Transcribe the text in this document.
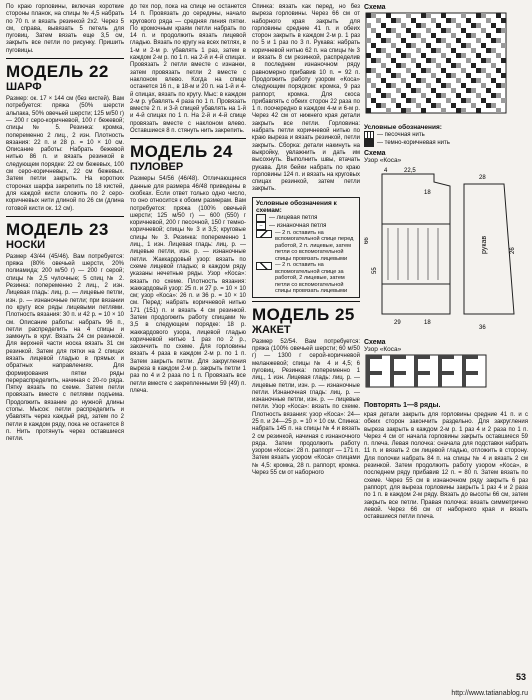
По краю горловины, включая короткие стороны планок, на спицы № 4,5 набрать по 70 п. и вязать резинкой 2х2. Через 5 см, справа, вывязать 5 петель для пуговиц. Затем вязать еще 3,5 см, закрыть все петли по рисунку. Пришить пуговицы.

МОДЕЛЬ 22
ШАРФ

Размер: ок. 17 × 144 см (без кистей). Вам потребуется: пряжа (50% шерсти альпака, 50% овечьей шерсти; 125 м/50 г) — 200 г серо-коричневой, 100 г бежевой; спицы № 5. Резинка: кромка, попеременно 2 лиц., 2 изн. Плотность вязания: 22 п. и 28 р. = 10 × 10 см. Описание работы: Набрать бежевой нитью 86 п. и вязать резинкой в следующем порядке: 22 см бежевых, 100 см серо-коричневых, 22 см бежевых. Затем петли закрыть. На коротких сторонах шарфа закрепить по 18 кистей, для каждой кисти сложить по 2 серо-коричневых нити длиной по 26 см (длина готовой кисти ок. 12 см).

МОДЕЛЬ 23
НОСКИ

Размер 43/44 (45/46). Вам потребуется: пряжа (80% овечьей шерсти, 20% полиамида; 200 м/50 г) — 200 г серой; спицы № 2,5 чулочные; 5 спиц № 2. Резинка: попеременно 2 лиц., 2 изн. Лицевая гладь: лиц. р. — лицевые петли, изн. р. — изнаночные петли; при вязании по кругу все ряды лицевыми петлями. Плотность вязания: 30 п. и 42 р. = 10 × 10 см. Описание работы: набрать 96 п., петли распределить на 4 спицы и замкнуть в круг. Вязать 24 см резинкой. Для верхней части носка вязать 31 см резинкой. Затем для пятки на 2 спицах вязать лицевой гладью в прямых и обратных направлениях. Для формирования пятки ряды перераспределить, начиная с 20-го ряда. Пятку вязать по схеме. Затем петли провязать вместе с петлями подъема. Продолжить вязание до нужной длины стопы. Мысок: петли распределить и убавлять через каждый ряд, затем по 2 петли в каждом ряду, пока не останется 8 п. Нить протянуть через оставшиеся петли.

до тех пор, пока на спице не останется 14 п. Провязать до середины, начало кругового ряда — средняя линия пятки. По кромочным краям петли набрать по 14 п. и продолжить вязать лицевой гладью. Вязать по кругу на всех петлях, в 1-м и 2-м р. убавлять 1 раз, затем в каждом 2-м р. по 1 п. на 2-й и 4-й спицах. Провязать 2 петли вместе с изнанки, затем провязать петли 2 вместе с наклоном влево. Когда на спице останется 16 п., в 18-м и 20 п. на 1-й и 4-й спицах, вязать по кругу. Мыс: в каждом 2-м р. убавлять 4 раза по 1 п. Провязать вместе 2 п. и 3-й спицей убавлять на 1-й и 4-й спицах по 1 п. На 2-й и 4-й спице провязать вместе с наклоном влево. Оставшиеся 8 п. стянуть нить закрепить.

МОДЕЛЬ 24
ПУЛОВЕР

Размеры 54/56 (46/48). Отличающиеся данные для размера 46/48 приведены в скобках. Если ответ только одно число, то оно относится к обоим размерам. Вам потребуется: пряжа (100% овечьей шерсти; 125 м/50 г) — 600 (550) г коричневой, 200 г песочной, 150 г темно-коричневой; спицы № 3 и 3,5; круговые спицы № 3. Резинка: попеременно 1 лиц., 1 изн. Лицевая гладь: лиц. р. — лицевые петли, изн. р. — изнаночные петли. Жаккардовый узор: вязать по схеме лицевой гладью; в каждом ряду указаны нечетные ряды. Узор «Коса»: вязать по схеме. Плотность вязания: жаккардовый узор: 25 п. и 27 р. = 10 × 10 см; узор «Коса»: 26 п. и 36 р. = 10 × 10 см. Перед: набрать коричневой нитью 171 (151) п. и вязать 4 см резинкой. Затем продолжить работу спицами № 3,5 в следующем порядке: 18 р. жаккардового узора, лицевой гладью коричневой нитью 1 раз по 2 р., закончить по схеме. Для горловины вязать 4 раза в каждом 2-м р. по 1 п. Затем закрыть петли. Для закругления выреза в каждом 2-м р. закрыть петли 1 раз по 4 и 2 раза по 1 п. Провязать все петли вместе с закрепленными 59 (49) п. плеча.

Спинка: вязать как перед, но без выреза горловины. Через 66 см от наборного края закрыть для горловины средние 41 п. и обеих сторон закрыть в каждом 2-м р. 1 раз по 5 и 1 раз по 3 п. Рукава: набрать коричневой нитью 62 п. на спицы № 3 и вязать 8 см резинкой, распределив в последнем изнаночном ряду равномерно прибавив 10 п. = 92 п. Продолжить работу узором «Коса» следующим порядком: кромка, 9 раз раппорт, кромка. Для скоса прибавлять с обеих сторон 22 раза по 1 п. поочередно в каждом 4-м и 6-м р. Через 42 см от нижнего края детали закрыть все петли. Горловина: набрать петли коричневой нитью по краю выреза и вязать резинкой, петли закрыть. Сборка: детали накинуть на выкройку, увлажнить и дать им высохнуть. Выполнить швы, втачать рукава. Для бейки набрать по краю горловины 124 п. и вязать на круговых спицах резинкой, затем петли закрыть.

Условные обозначения к схемам:
— лицевая петля
–	— изнаночная петля
— 2 п. оставить на вспомогательной спице перед работой, 2 п. лицевые, затем петли со вспомогательной спицы провязать лицевыми
— 2 п. оставить на вспомогательной спице за работой, 2 лицевые, затем петли со вспомогательной спицы провязать лицевыми
МОДЕЛЬ 25
ЖАКЕТ

Размер 52/54. Вам потребуется: пряжа (100% овечьей шерсти; 60 м/50 г) — 1300 г серой-коричневой меланжевой; спицы № 4 и 4,5; 6 пуговиц. Резинка: попеременно 1 лиц., 1 изн. Лицевая гладь: лиц. р. — лицевые петли, изн. р. — изнаночные петли. Изнаночная гладь: лиц. р. — изнаночные петли, изн. р. — лицевые петли. Узор «Коса»: вязать по схеме. Плотность вязания: узор «Коса»: 24—25 п. и 24—25 р. = 10 × 10 см. Спинка: набрать 145 п. на спицы № 4 и вязать 2 см резинкой, начиная с изнаночного ряда. Затем продолжить работу узором «Коса»: 28 п. раппорт — 171 п. Затем вязать узором «Коса» спицами № 4,5: кромка, 28 п. раппорт, кромка. Через 55 см от наборного

Схема
Условные обозначения:
— песочная нить
— темно-коричневая нить
Схема
Узор «Коса»
рукав
66
55
29	18
4	22,5
18
28
36
26
Схема
Узор «Коса»
Повторять 1—8 ряды.

края детали закрыть для горловины средние 41 п. и с обеих сторон закончить раздельно. Для закругления выреза закрыть в каждом 2-м р. 1 раз 4 и 2 раза по 1 п. Через 4 см от начала горловины закрыть оставшиеся 59 п. плеча. Левая полочка: сначала для подставки набрать 11 п. и вязать 2 см лицевой гладью, отложить в сторону. Для полочки набрать 84 п. на спицы № 4 и вязать 2 см резинкой. Затем продолжить работу узором «Коса», в последнем ряду прибавив 12 п. = 80 п. Затем вязать по схеме. Через 55 см в изнаночном ряду закрыть 6 раз раппорт, для выреза горловины закрыть 1 раз 4 и 2 раза по 1 п. в каждом 2-м ряду. Вязать до высоты 66 см, затем закрыть все петли. Правая полочка: вязать симметрично левой. Через 66 см от наборного края и вязать оставшиеся петли плеча.

53
http://www.tatianablog.ru
